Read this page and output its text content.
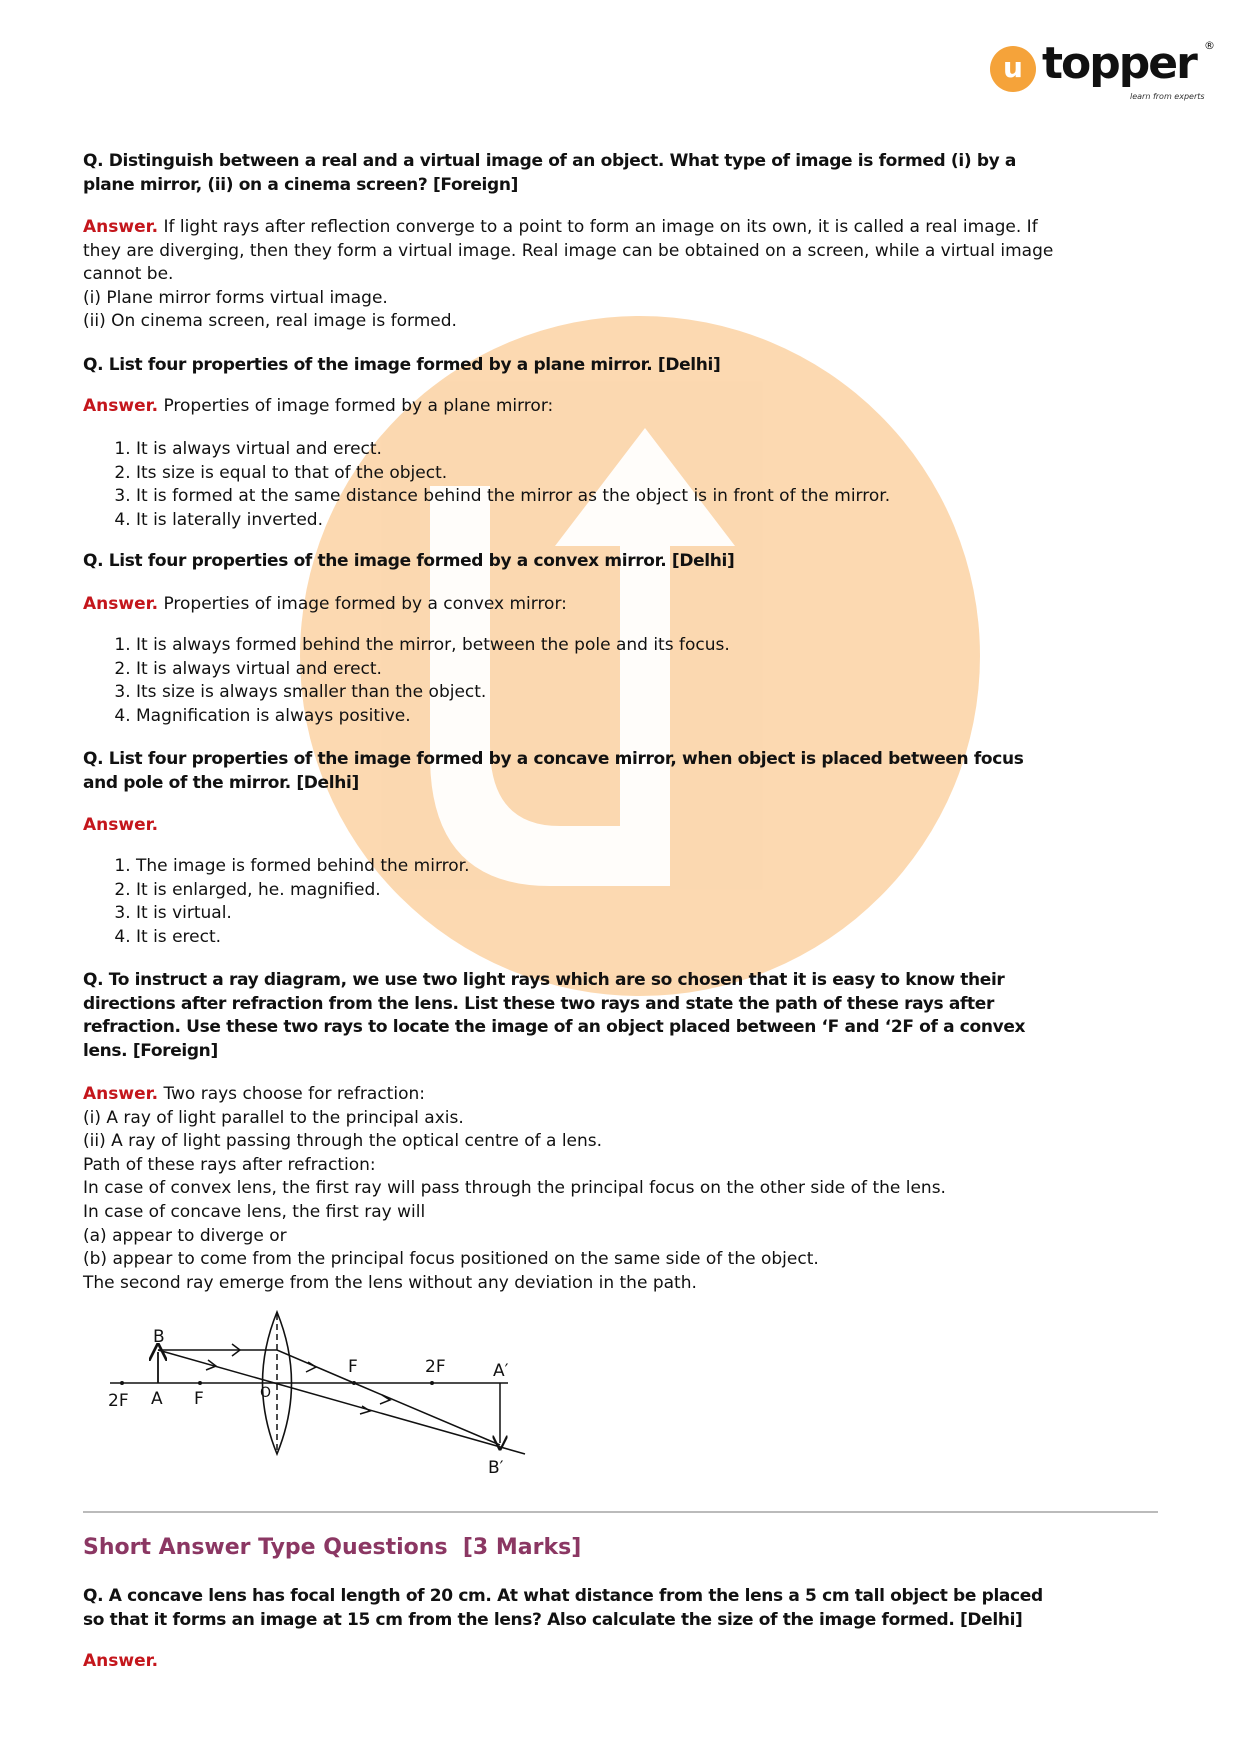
u topper ®
learn from experts
Q. Distinguish between a real and a virtual image of an object. What type of image is formed (i) by a
plane mirror, (ii) on a cinema screen? [Foreign]
Answer. If light rays after reflection converge to a point to form an image on its own, it is called a real image. If
they are diverging, then they form a virtual image. Real image can be obtained on a screen, while a virtual image
cannot be.
(i) Plane mirror forms virtual image.
(ii) On cinema screen, real image is formed.
Q. List four properties of the image formed by a plane mirror. [Delhi]
Answer. Properties of image formed by a plane mirror:
1. It is always virtual and erect.
2. Its size is equal to that of the object.
3. It is formed at the same distance behind the mirror as the object is in front of the mirror.
4. It is laterally inverted.
Q. List four properties of the image formed by a convex mirror. [Delhi]
Answer. Properties of image formed by a convex mirror:
1. It is always formed behind the mirror, between the pole and its focus.
2. It is always virtual and erect.
3. Its size is always smaller than the object.
4. Magnification is always positive.
Q. List four properties of the image formed by a concave mirror, when object is placed between focus
and pole of the mirror. [Delhi]
Answer.
1. The image is formed behind the mirror.
2. It is enlarged, he. magnified.
3. It is virtual.
4. It is erect.
Q. To instruct a ray diagram, we use two light rays which are so chosen that it is easy to know their
directions after refraction from the lens. List these two rays and state the path of these rays after
refraction. Use these two rays to locate the image of an object placed between ‘F and ‘2F of a convex
lens. [Foreign]
Answer. Two rays choose for refraction:
(i) A ray of light parallel to the principal axis.
(ii) A ray of light passing through the optical centre of a lens.
Path of these rays after refraction:
In case of convex lens, the first ray will pass through the principal focus on the other side of the lens.
In case of concave lens, the first ray will
(a) appear to diverge or
(b) appear to come from the principal focus positioned on the same side of the object.
The second ray emerge from the lens without any deviation in the path.
2F A F
B
O
F	2F	A′
B′
Short Answer Type Questions  [3 Marks]
Q. A concave lens has focal length of 20 cm. At what distance from the lens a 5 cm tall object be placed
so that it forms an image at 15 cm from the lens? Also calculate the size of the image formed. [Delhi]
Answer.
